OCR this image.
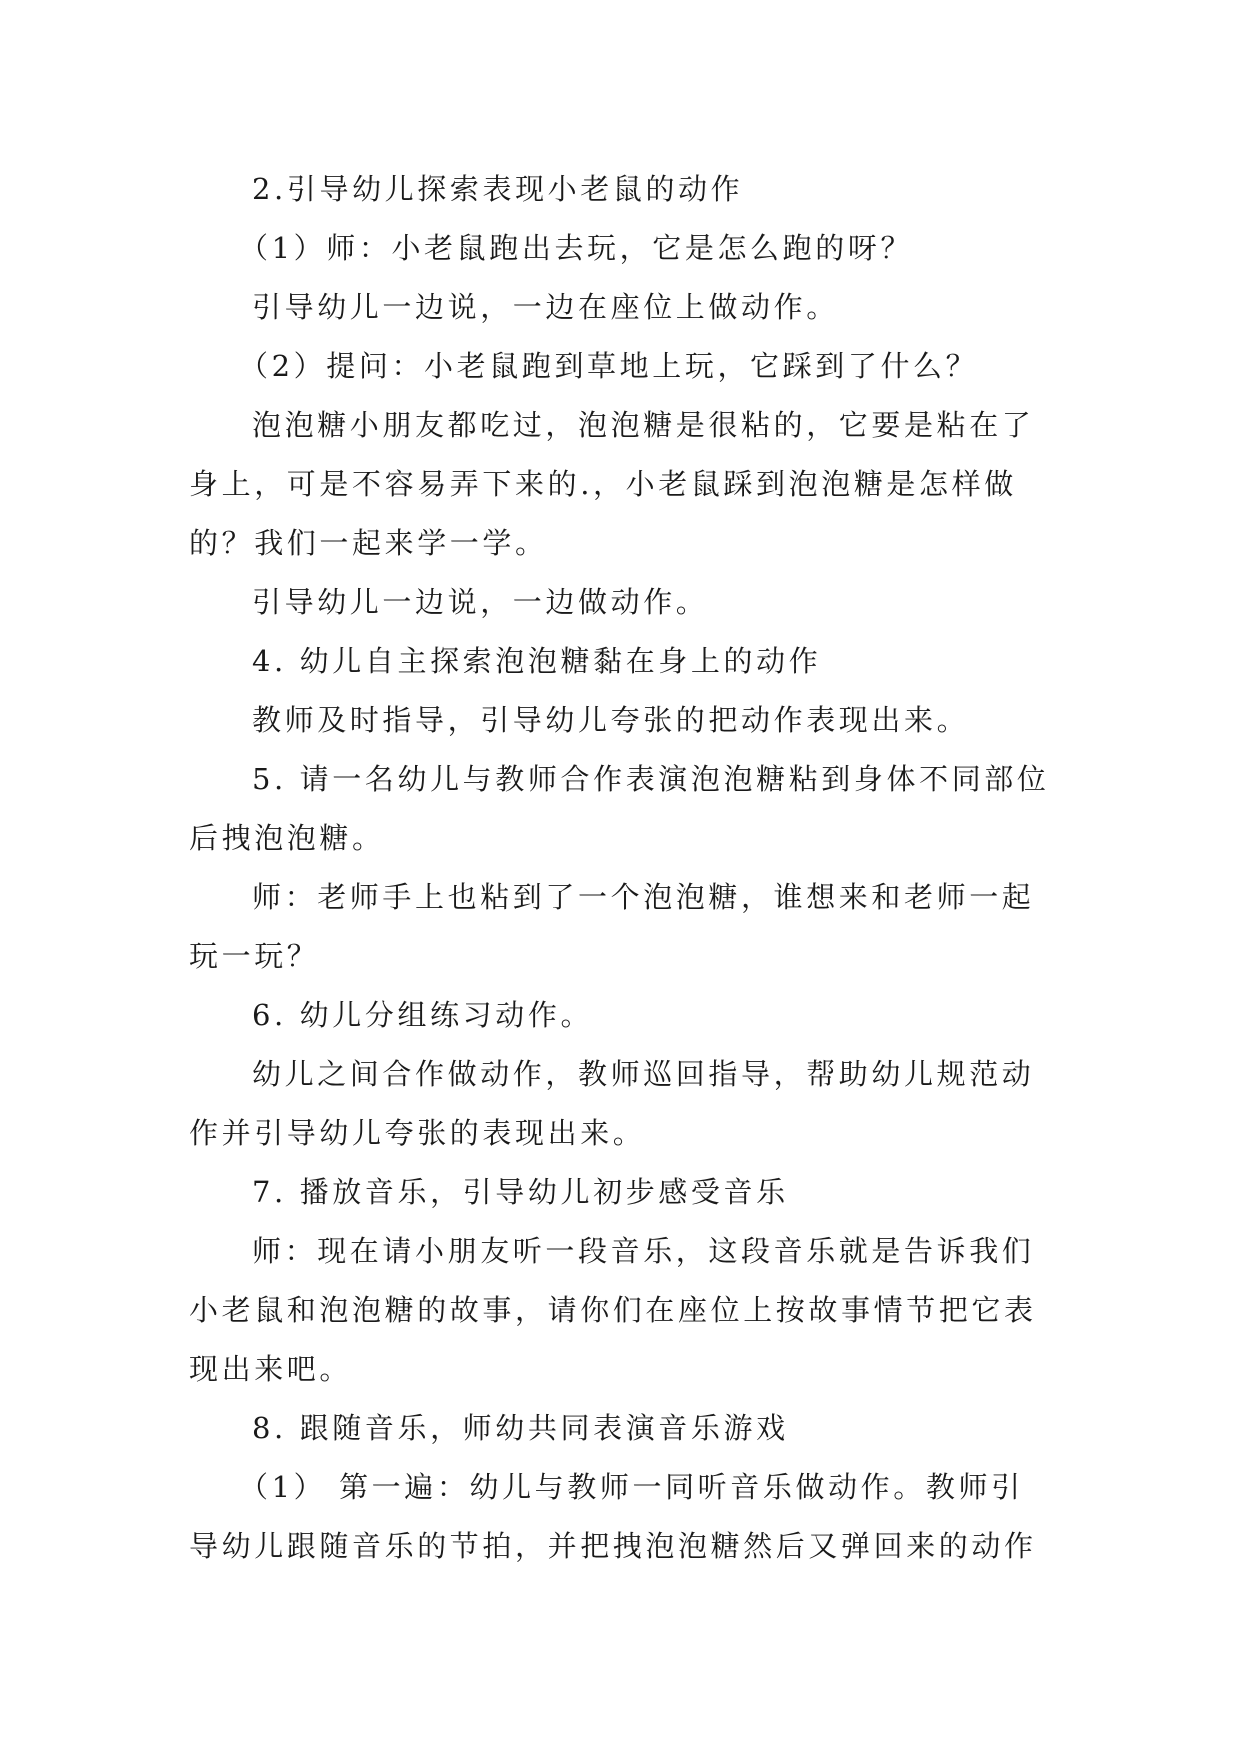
2.引导幼儿探索表现小老鼠的动作

（1）师：小老鼠跑出去玩，它是怎么跑的呀？

引导幼儿一边说，一边在座位上做动作。

（2）提问：小老鼠跑到草地上玩，它踩到了什么？

泡泡糖小朋友都吃过，泡泡糖是很粘的，它要是粘在了身上，可是不容易弄下来的.，小老鼠踩到泡泡糖是怎样做的？我们一起来学一学。

引导幼儿一边说，一边做动作。

4. 幼儿自主探索泡泡糖黏在身上的动作

教师及时指导，引导幼儿夸张的把动作表现出来。

5. 请一名幼儿与教师合作表演泡泡糖粘到身体不同部位后拽泡泡糖。

师：老师手上也粘到了一个泡泡糖，谁想来和老师一起玩一玩？

6. 幼儿分组练习动作。

幼儿之间合作做动作，教师巡回指导，帮助幼儿规范动作并引导幼儿夸张的表现出来。

7. 播放音乐，引导幼儿初步感受音乐

师：现在请小朋友听一段音乐，这段音乐就是告诉我们小老鼠和泡泡糖的故事，请你们在座位上按故事情节把它表现出来吧。

8. 跟随音乐，师幼共同表演音乐游戏

（1） 第一遍：幼儿与教师一同听音乐做动作。教师引导幼儿跟随音乐的节拍，并把拽泡泡糖然后又弹回来的动作
